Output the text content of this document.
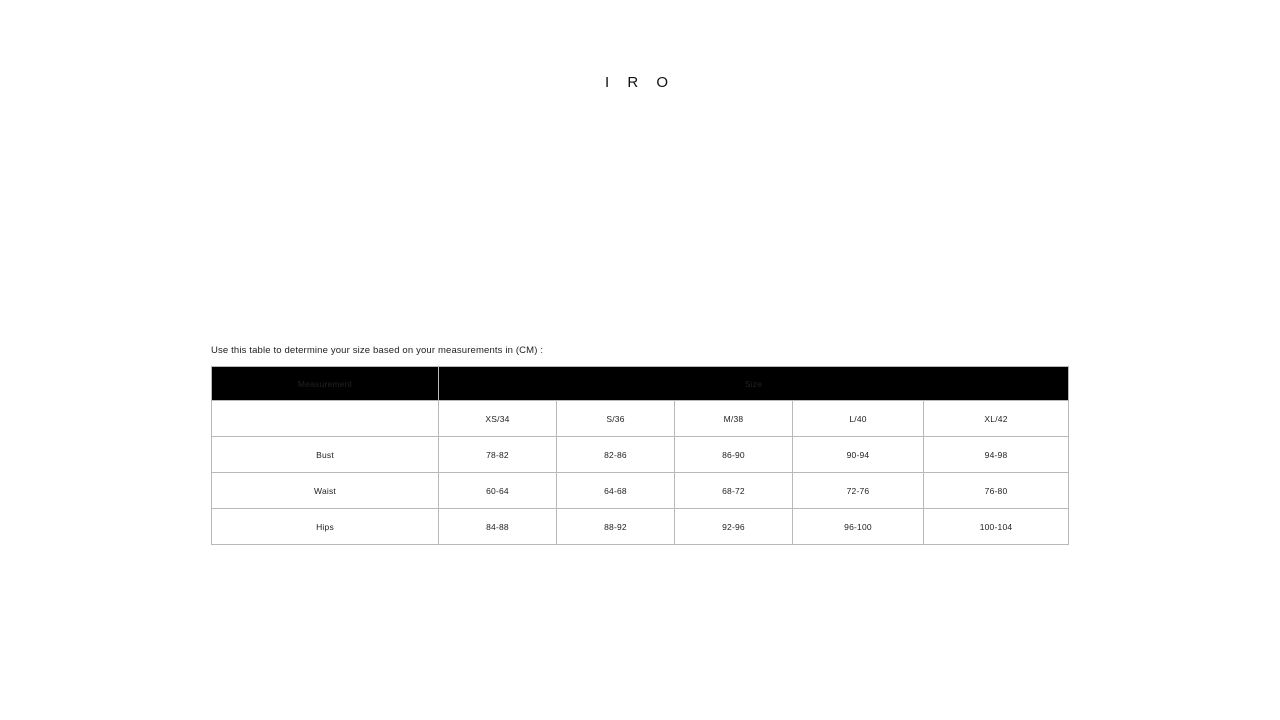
I R O

Use this table to determine your size based on your measurements in (CM) :

Measurement	Size				
	XS/34	S/36	M/38	L/40	XL/42
Bust	78-82	82-86	86-90	90-94	94-98
Waist	60-64	64-68	68-72	72-76	76-80
Hips	84-88	88-92	92-96	96-100	100-104
